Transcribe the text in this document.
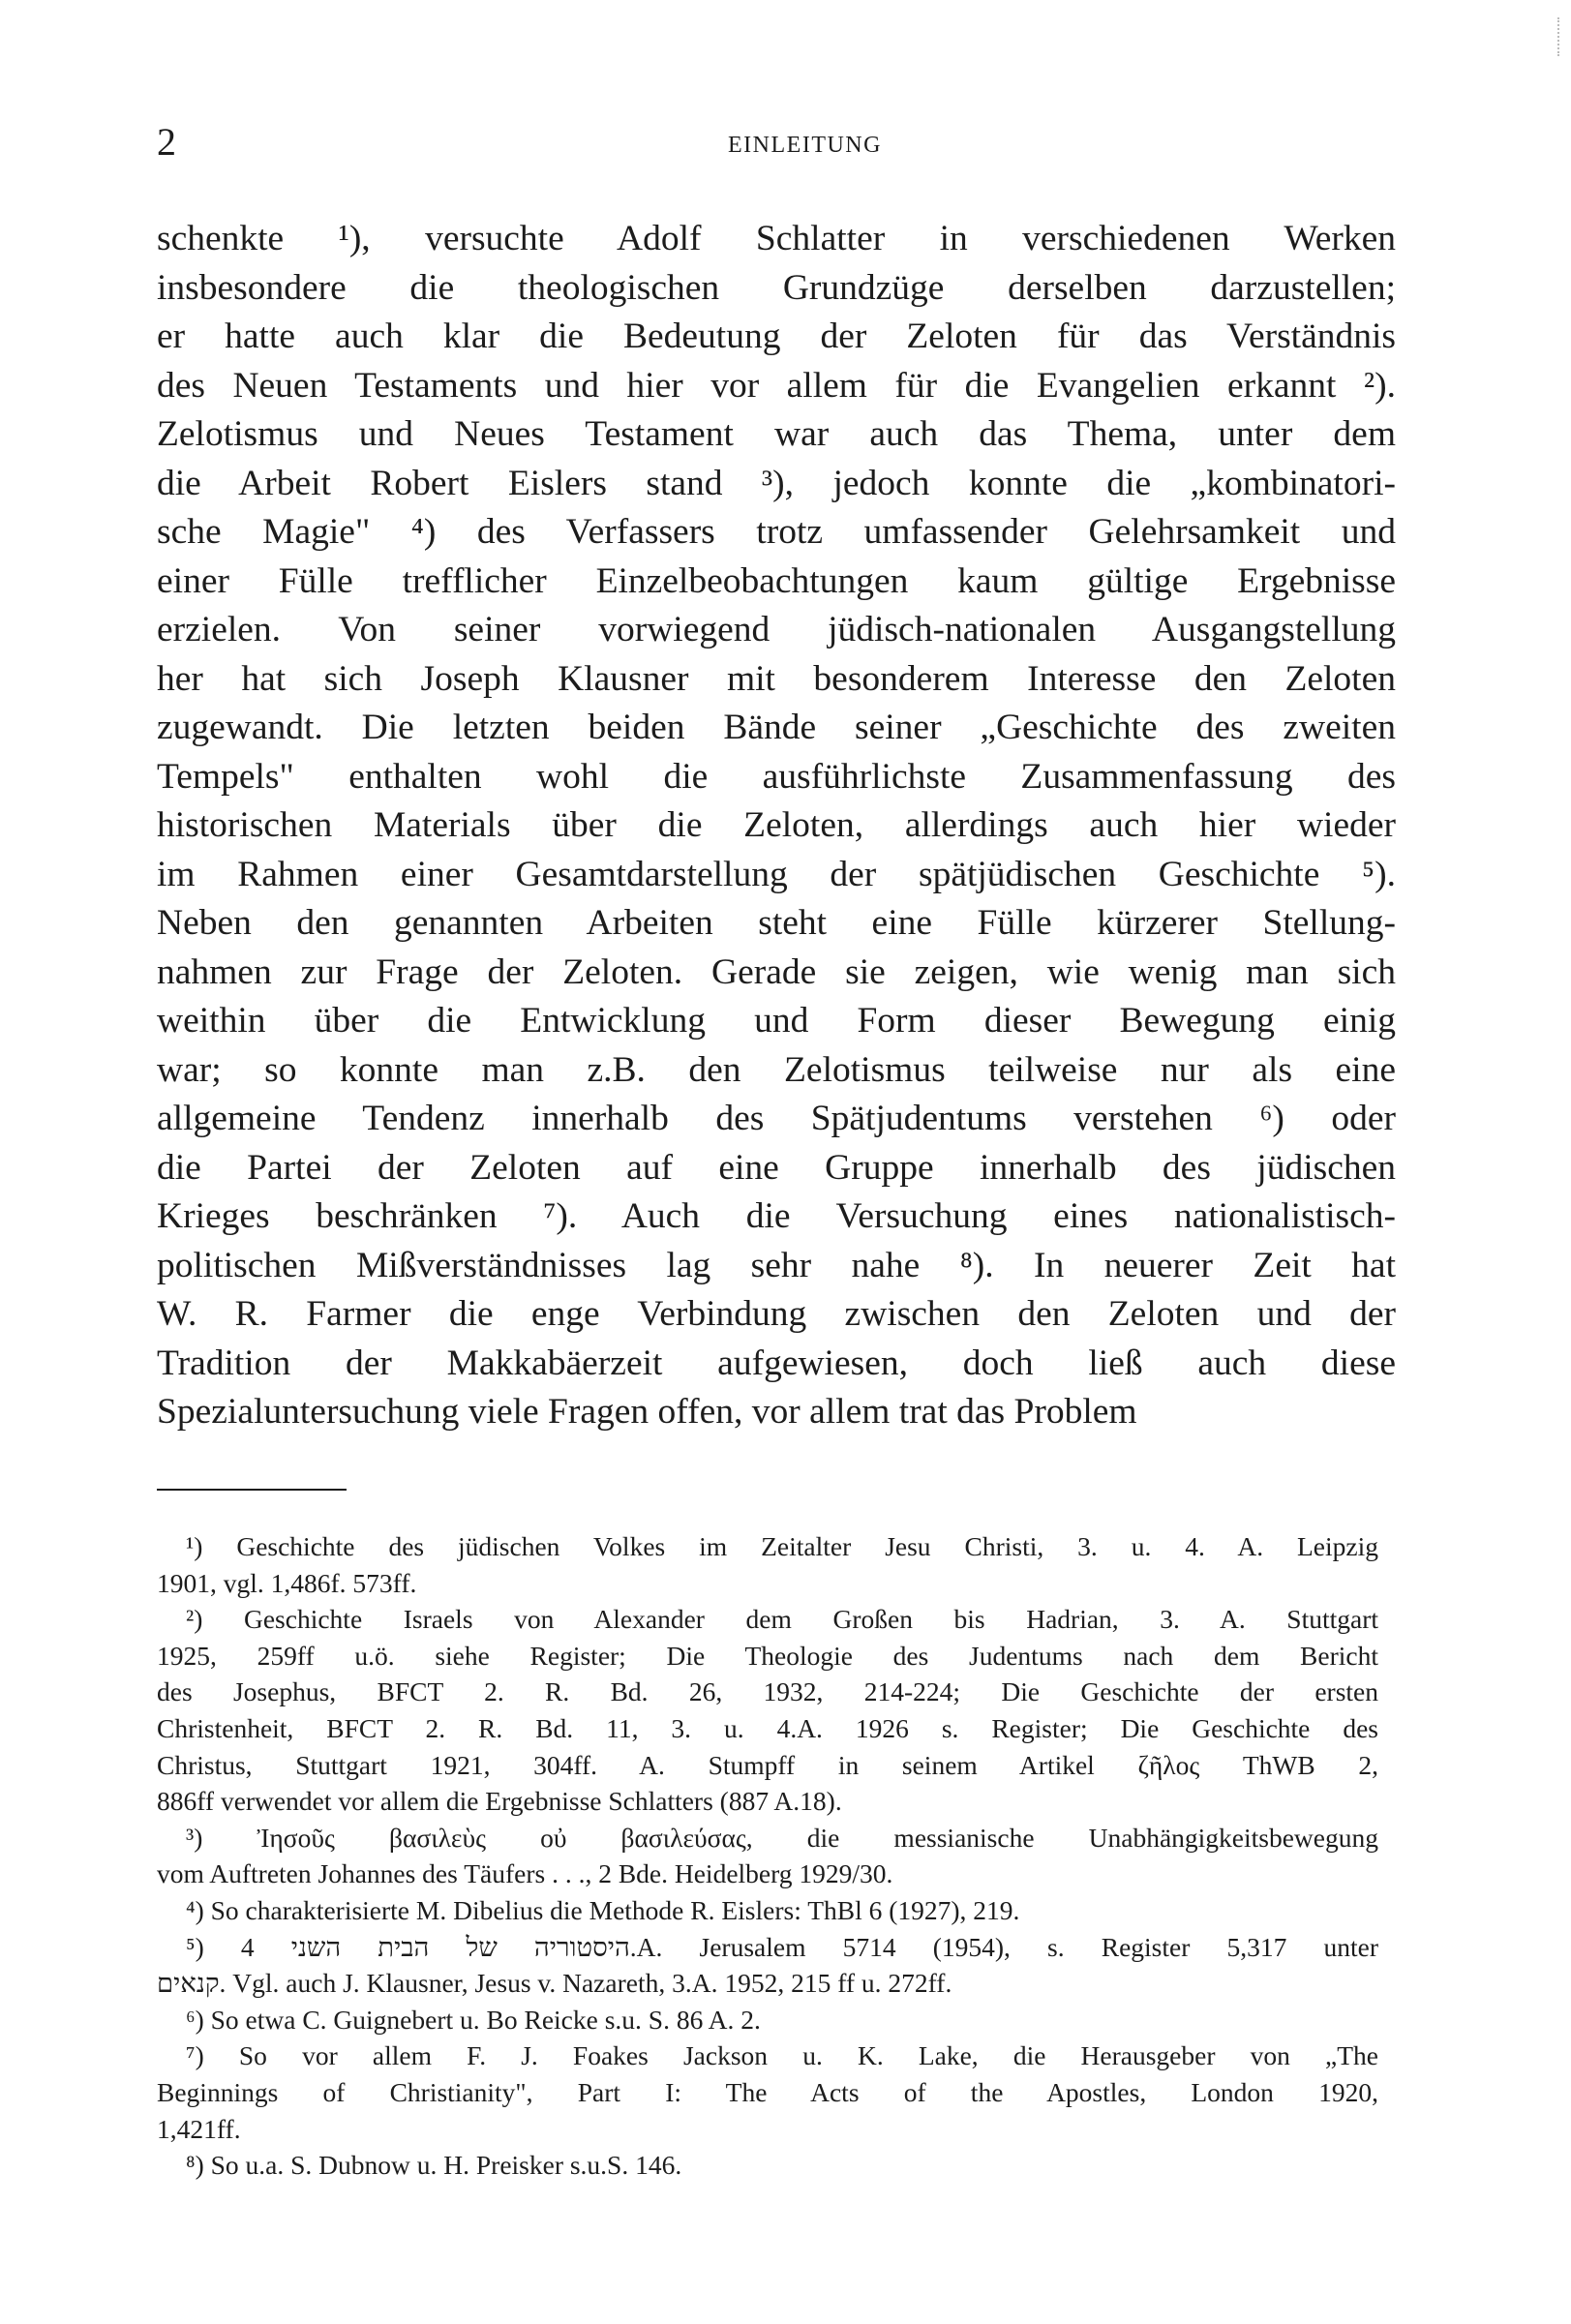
2	EINLEITUNG
schenkte ¹), versuchte Adolf Schlatter in verschiedenen Werken
insbesondere die theologischen Grundzüge derselben darzustellen;
er hatte auch klar die Bedeutung der Zeloten für das Verständnis
des Neuen Testaments und hier vor allem für die Evangelien erkannt ²).
Zelotismus und Neues Testament war auch das Thema, unter dem
die Arbeit Robert Eislers stand ³), jedoch konnte die „kombinatori-
sche Magie" ⁴) des Verfassers trotz umfassender Gelehrsamkeit und
einer Fülle trefflicher Einzelbeobachtungen kaum gültige Ergebnisse
erzielen. Von seiner vorwiegend jüdisch-nationalen Ausgangstellung
her hat sich Joseph Klausner mit besonderem Interesse den Zeloten
zugewandt. Die letzten beiden Bände seiner „Geschichte des zweiten
Tempels" enthalten wohl die ausführlichste Zusammenfassung des
historischen Materials über die Zeloten, allerdings auch hier wieder
im Rahmen einer Gesamtdarstellung der spätjüdischen Geschichte ⁵).
Neben den genannten Arbeiten steht eine Fülle kürzerer Stellung-
nahmen zur Frage der Zeloten. Gerade sie zeigen, wie wenig man sich
weithin über die Entwicklung und Form dieser Bewegung einig
war; so konnte man z.B. den Zelotismus teilweise nur als eine
allgemeine Tendenz innerhalb des Spätjudentums verstehen ⁶) oder
die Partei der Zeloten auf eine Gruppe innerhalb des jüdischen
Krieges beschränken ⁷). Auch die Versuchung eines nationalistisch-
politischen Mißverständnisses lag sehr nahe ⁸). In neuerer Zeit hat
W. R. Farmer die enge Verbindung zwischen den Zeloten und der
Tradition der Makkabäerzeit aufgewiesen, doch ließ auch diese
Spezialuntersuchung viele Fragen offen, vor allem trat das Problem
¹) Geschichte des jüdischen Volkes im Zeitalter Jesu Christi, 3. u. 4. A. Leipzig
1901, vgl. 1,486f. 573ff.
²) Geschichte Israels von Alexander dem Großen bis Hadrian, 3. A. Stuttgart
1925, 259ff u.ö. siehe Register; Die Theologie des Judentums nach dem Bericht
des Josephus, BFCT 2. R. Bd. 26, 1932, 214-224; Die Geschichte der ersten
Christenheit, BFCT 2. R. Bd. 11, 3. u. 4.A. 1926 s. Register; Die Geschichte des
Christus, Stuttgart 1921, 304ff. A. Stumpff in seinem Artikel ζῆλος ThWB 2,
886ff verwendet vor allem die Ergebnisse Schlatters (887 A.18).
³) Ἰησοῦς βασιλεὺς οὐ βασιλεύσας, die messianische Unabhängigkeitsbewegung
vom Auftreten Johannes des Täufers . . ., 2 Bde. Heidelberg 1929/30.
⁴) So charakterisierte M. Dibelius die Methode R. Eislers: ThBl 6 (1927), 219.
⁵) היסטוריה של הבית השני 4.A. Jerusalem 5714 (1954), s. Register 5,317 unter
קנאים. Vgl. auch J. Klausner, Jesus v. Nazareth, 3.A. 1952, 215 ff u. 272ff.
⁶) So etwa C. Guignebert u. Bo Reicke s.u. S. 86 A. 2.
⁷) So vor allem F. J. Foakes Jackson u. K. Lake, die Herausgeber von „The
Beginnings of Christianity", Part I: The Acts of the Apostles, London 1920,
1,421ff.
⁸) So u.a. S. Dubnow u. H. Preisker s.u.S. 146.
